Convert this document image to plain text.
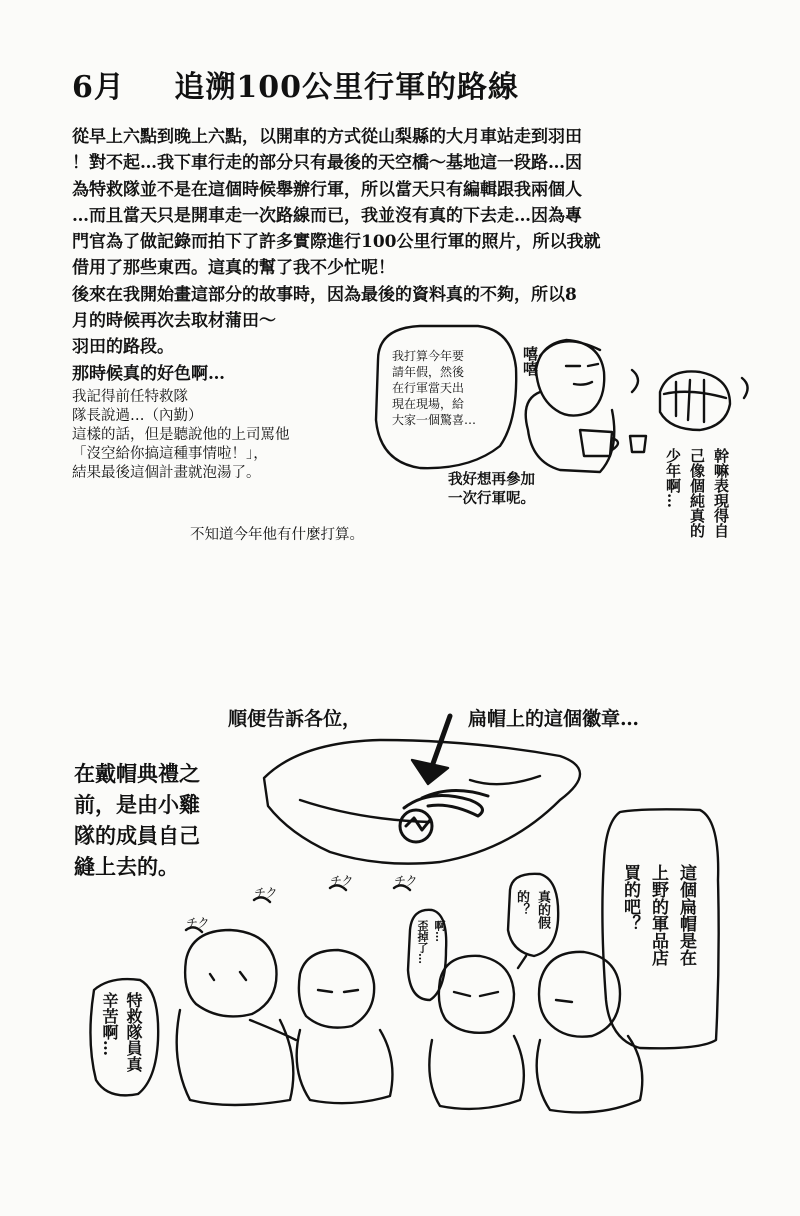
6月 追溯100公里行軍的路線
從早上六點到晚上六點，以開車的方式從山梨縣的大月車站走到羽田
！對不起…我下車行走的部分只有最後的天空橋～基地這一段路…因
為特救隊並不是在這個時候舉辦行軍，所以當天只有編輯跟我兩個人
…而且當天只是開車走一次路線而已，我並沒有真的下去走…因為專
門官為了做記錄而拍下了許多實際進行100公里行軍的照片，所以我就
借用了那些東西。這真的幫了我不少忙呢！
後來在我開始畫這部分的故事時，因為最後的資料真的不夠，所以8
月的時候再次去取材蒲田～
羽田的路段。
那時候真的好色啊…
我記得前任特救隊
隊長說過…（內勤）
這樣的話，但是聽說他的上司罵他
「沒空給你搞這種事情啦！」，
結果最後這個計畫就泡湯了。
不知道今年他有什麼打算。
我打算今年要
請年假，然後
在行軍當天出
現在現場，給
大家一個驚喜…
嘻嘻
我好想再參加
一次行軍呢。	幹嘛表現得自
己像個純真的
少年啊…
順便告訴各位，	扁帽上的這個徽章…
在戴帽典禮之
前，是由小雞
隊的成員自己
縫上去的。	這個扁帽是在
上野的軍品店
買的吧？
真的假
的？
啊…
歪掉了…
特救隊員真
辛苦啊…
チク
チク	チク
チク
